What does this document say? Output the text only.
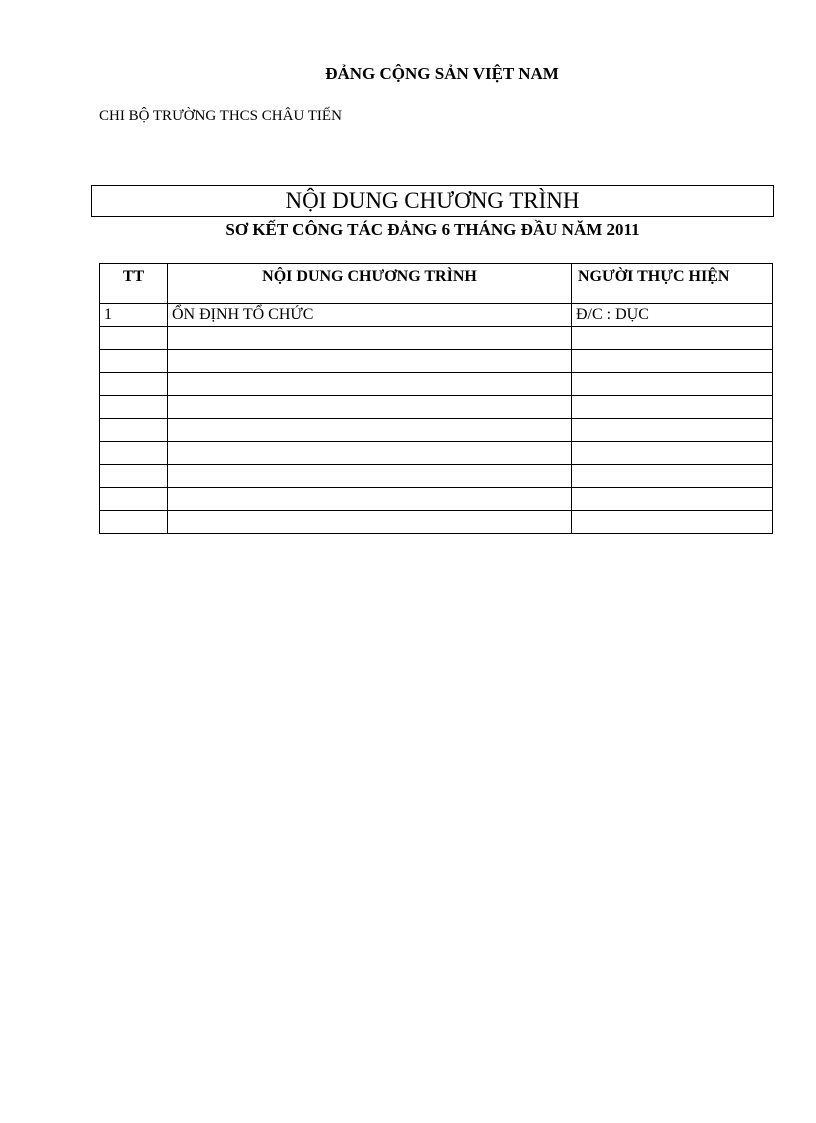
ĐẢNG CỘNG SẢN VIỆT NAM
CHI BỘ TRƯỜNG THCS CHÂU TIẾN
NỘI DUNG CHƯƠNG TRÌNH
SƠ KẾT CÔNG TÁC ĐẢNG 6 THÁNG ĐẦU NĂM 2011
TT	NỘI DUNG CHƯƠNG TRÌNH	NGƯỜI THỰC HIỆN
1	ỔN ĐỊNH TỔ CHỨC	Đ/C : DỤC
